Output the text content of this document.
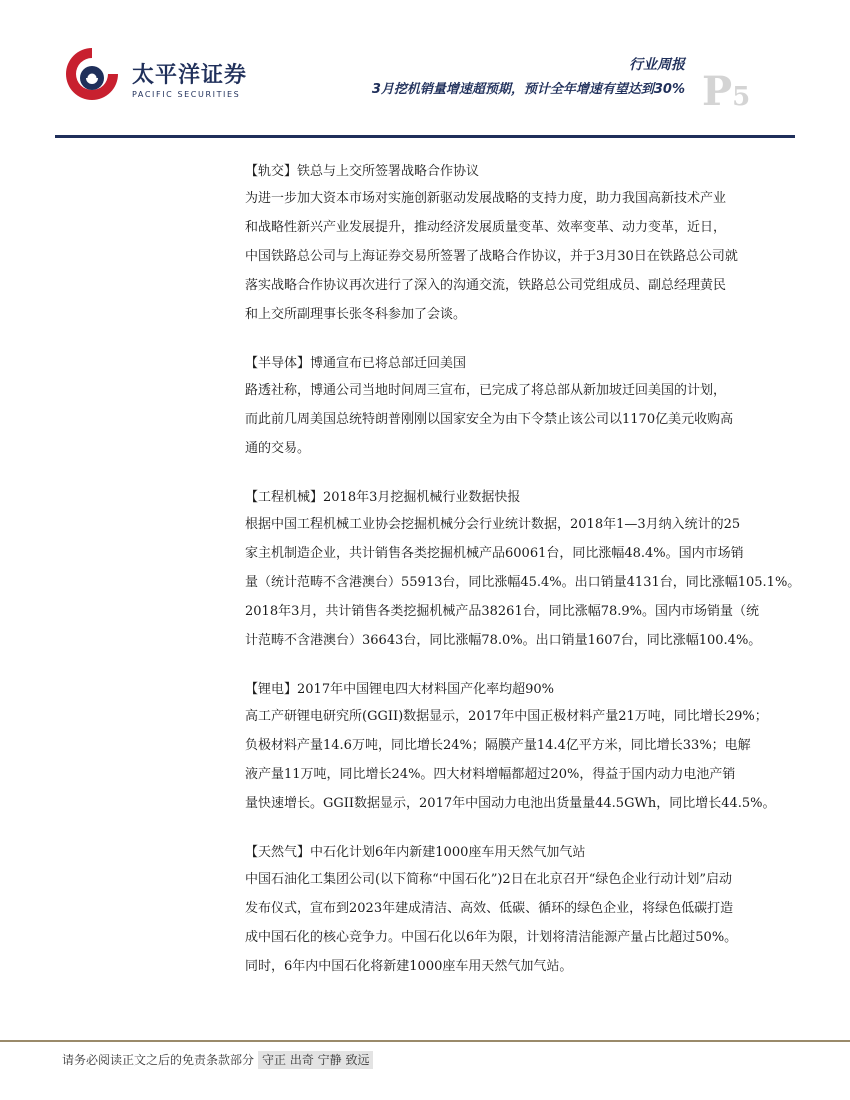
太平洋证券
PACIFIC SECURITIES
行业周报
3月挖机销量增速超预期，预计全年增速有望达到30% P5
【轨交】铁总与上交所签署战略合作协议
为进一步加大资本市场对实施创新驱动发展战略的支持力度，助力我国高新技术产业
和战略性新兴产业发展提升，推动经济发展质量变革、效率变革、动力变革，近日，
中国铁路总公司与上海证券交易所签署了战略合作协议，并于3月30日在铁路总公司就
落实战略合作协议再次进行了深入的沟通交流，铁路总公司党组成员、副总经理黄民
和上交所副理事长张冬科参加了会谈。
【半导体】博通宣布已将总部迁回美国
路透社称，博通公司当地时间周三宣布，已完成了将总部从新加坡迁回美国的计划，
而此前几周美国总统特朗普刚刚以国家安全为由下令禁止该公司以1170亿美元收购高
通的交易。
【工程机械】2018年3月挖掘机械行业数据快报
根据中国工程机械工业协会挖掘机械分会行业统计数据，2018年1—3月纳入统计的25
家主机制造企业，共计销售各类挖掘机械产品60061台，同比涨幅48.4%。国内市场销
量（统计范畴不含港澳台）55913台，同比涨幅45.4%。出口销量4131台，同比涨幅105.1%。
2018年3月，共计销售各类挖掘机械产品38261台，同比涨幅78.9%。国内市场销量（统
计范畴不含港澳台）36643台，同比涨幅78.0%。出口销量1607台，同比涨幅100.4%。
【锂电】2017年中国锂电四大材料国产化率均超90%
高工产研锂电研究所(GGII)数据显示，2017年中国正极材料产量21万吨，同比增长29%；
负极材料产量14.6万吨，同比增长24%；隔膜产量14.4亿平方米，同比增长33%；电解
液产量11万吨，同比增长24%。四大材料增幅都超过20%，得益于国内动力电池产销
量快速增长。GGII数据显示，2017年中国动力电池出货量量44.5GWh，同比增长44.5%。
【天然气】中石化计划6年内新建1000座车用天然气加气站
中国石油化工集团公司(以下简称“中国石化”)2日在北京召开“绿色企业行动计划”启动
发布仪式，宣布到2023年建成清洁、高效、低碳、循环的绿色企业，将绿色低碳打造
成中国石化的核心竞争力。中国石化以6年为限，计划将清洁能源产量占比超过50%。
同时，6年内中国石化将新建1000座车用天然气加气站。
请务必阅读正文之后的免责条款部分 守正 出奇 宁静 致远
